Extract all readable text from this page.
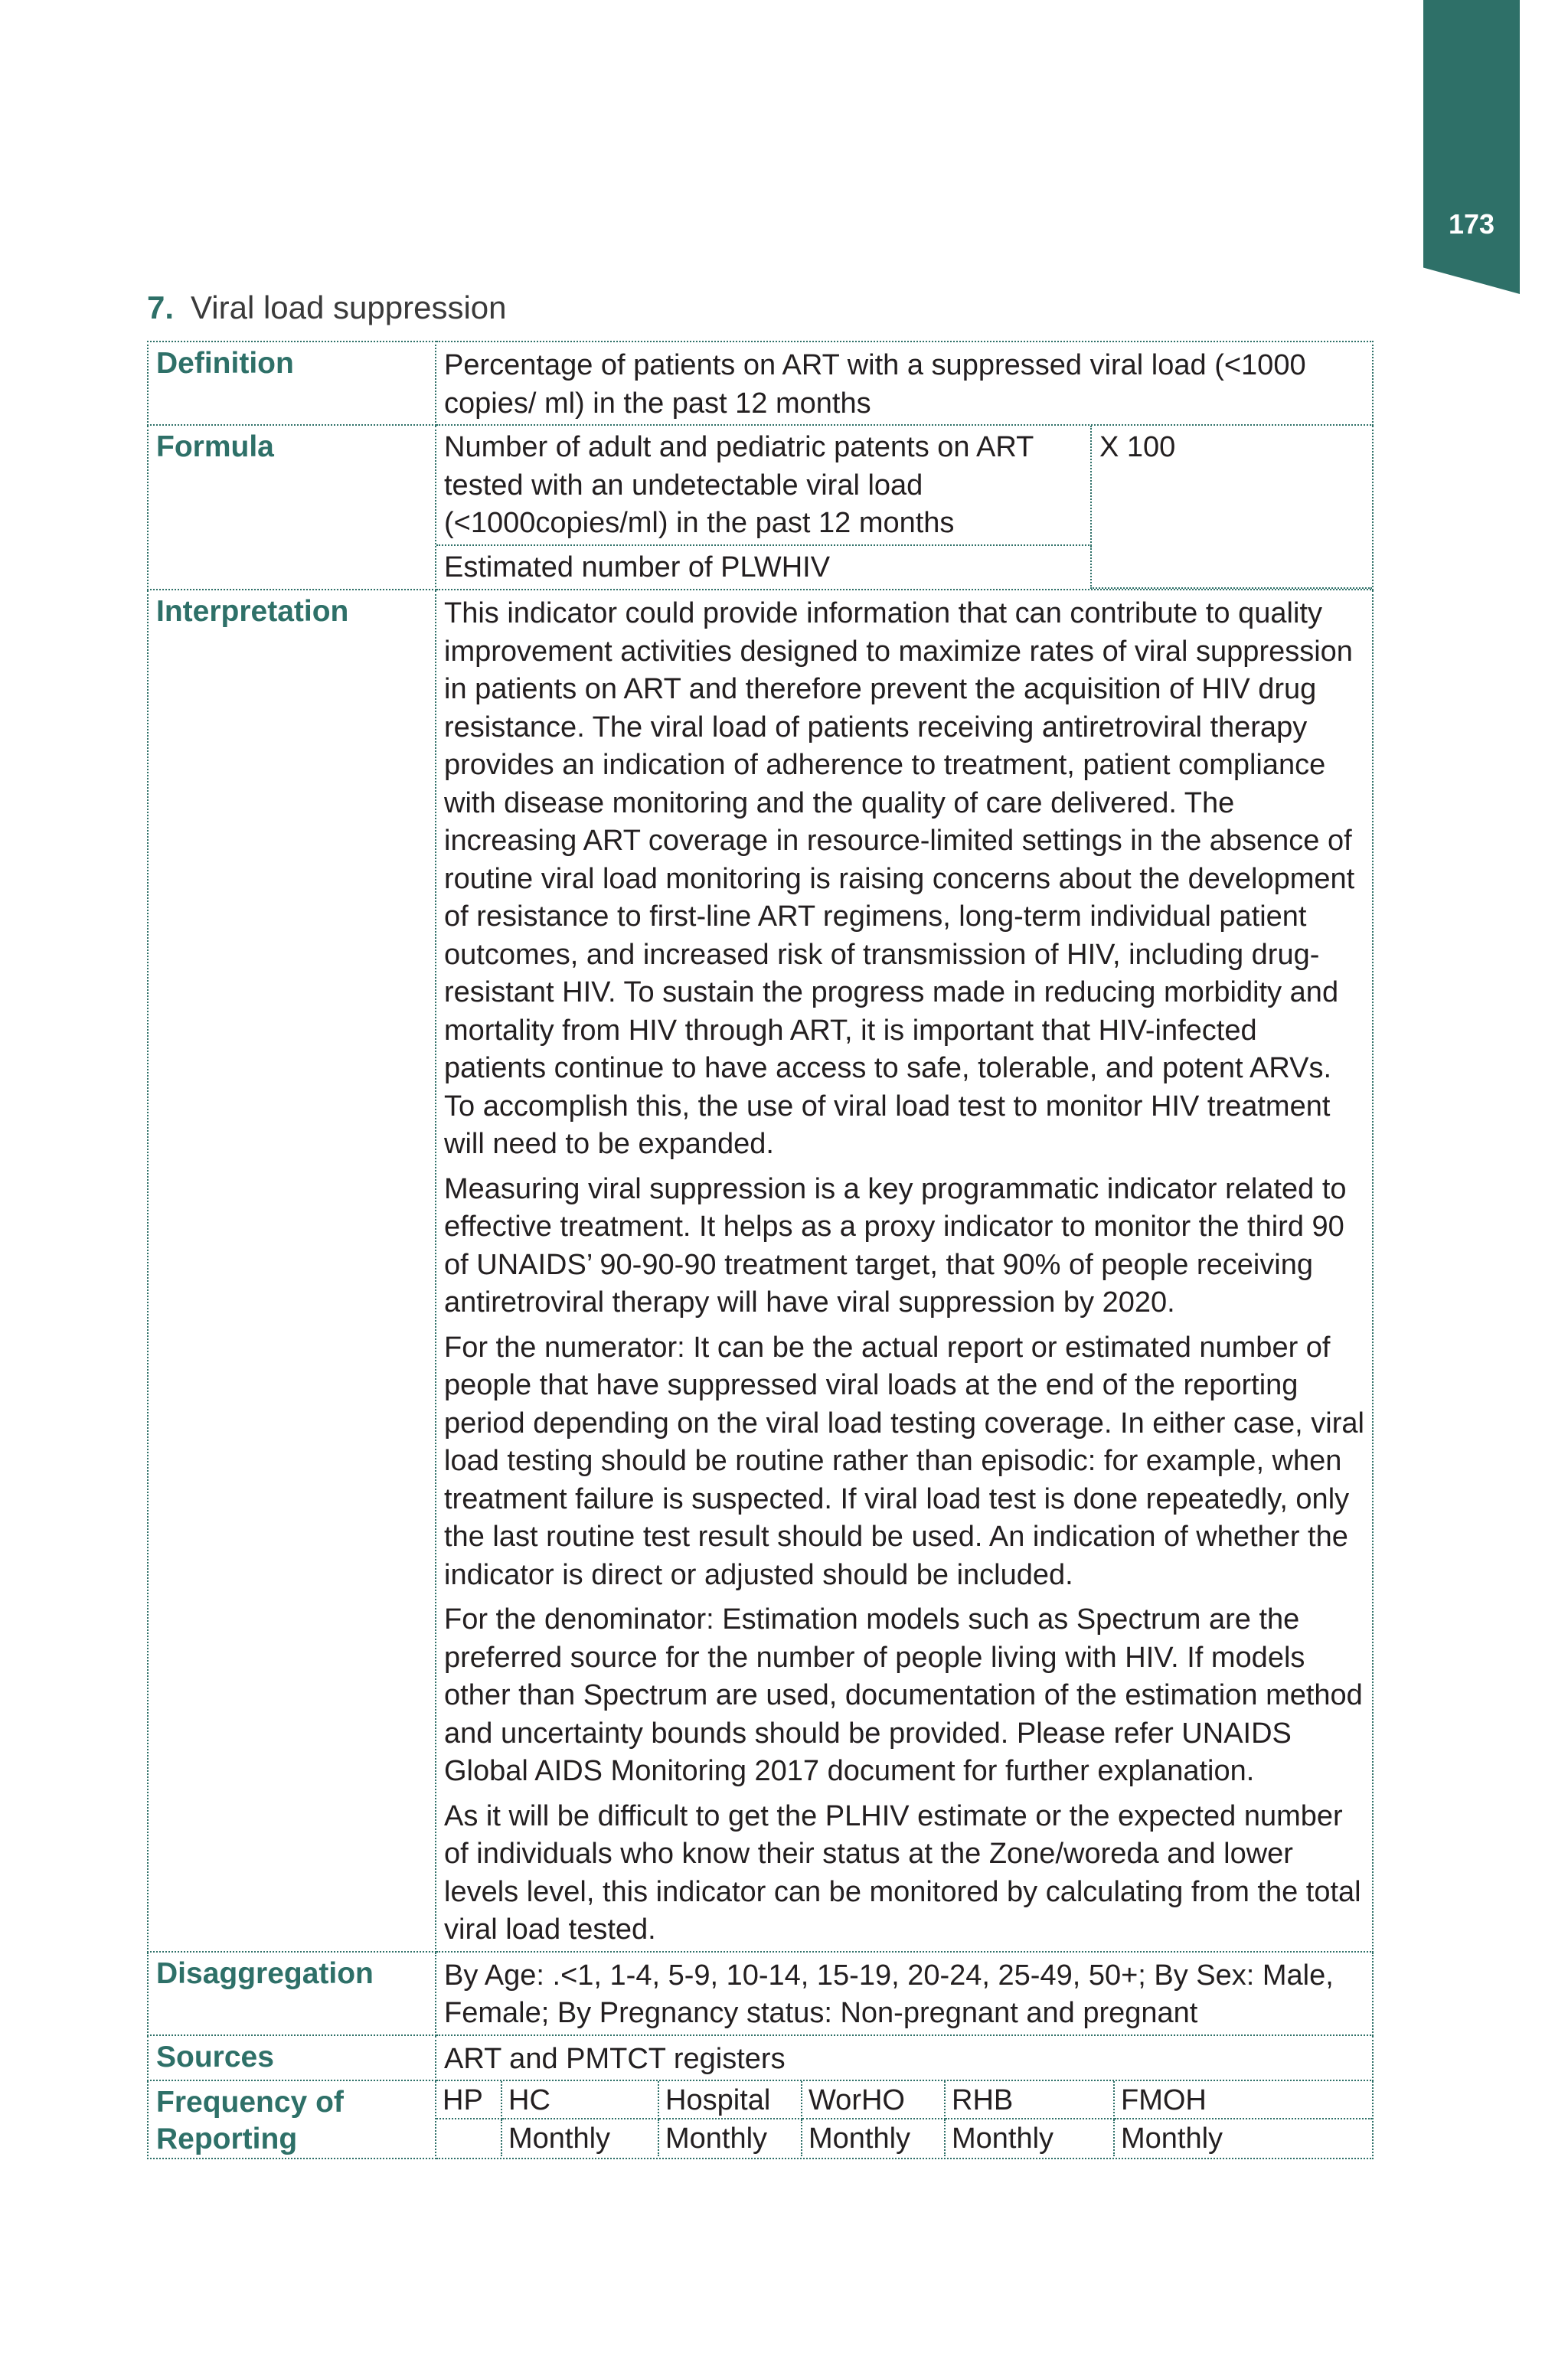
173
7. Viral load suppression
Definition	Percentage of patients on ART with a suppressed viral load (<1000 copies/ ml) in the past 12 months

Formula		Number of adult and pediatric patents on ART tested with an undetectable viral load (<1000copies/ml) in the past 12 months	X 100
Estimated number of PLWHIV

Interpretation	This indicator could provide information that can contribute to quality improvement activities designed to maximize rates of viral suppression in patients on ART and therefore prevent the acquisition of HIV drug resistance. The viral load of patients receiving antiretroviral therapy provides an indication of adherence to treatment, patient compliance with disease monitoring and the quality of care delivered. The increasing ART coverage in resource-limited settings in the absence of routine viral load monitoring is raising concerns about the development of resistance to first-line ART regimens, long-term individual patient outcomes, and increased risk of transmission of HIV, including drug-resistant HIV. To sustain the progress made in reducing morbidity and mortality from HIV through ART, it is important that HIV-infected patients continue to have access to safe, tolerable, and potent ARVs. To accomplish this, the use of viral load test to monitor HIV treatment will need to be expanded.

Measuring viral suppression is a key programmatic indicator related to effective treatment. It helps as a proxy indicator to monitor the third 90 of UNAIDS’ 90-90-90 treatment target, that 90% of people receiving antiretroviral therapy will have viral suppression by 2020.

For the numerator: It can be the actual report or estimated number of people that have suppressed viral loads at the end of the reporting period depending on the viral load testing coverage. In either case, viral load testing should be routine rather than episodic: for example, when treatment failure is suspected. If viral load test is done repeatedly, only the last routine test result should be used. An indication of whether the indicator is direct or adjusted should be included.

For the denominator: Estimation models such as Spectrum are the preferred source for the number of people living with HIV. If models other than Spectrum are used, documentation of the estimation method and uncertainty bounds should be provided. Please refer UNAIDS Global AIDS Monitoring 2017 document for further explanation.

As it will be difficult to get the PLHIV estimate or the expected number of individuals who know their status at the Zone/woreda and lower levels level, this indicator can be monitored by calculating from the total viral load tested.

Disaggregation	By Age: .<1, 1-4, 5-9, 10-14, 15-19, 20-24, 25-49, 50+; By Sex: Male, Female; By Pregnancy status: Non-pregnant and pregnant

Sources	ART and PMTCT registers

Frequency of Reporting	
HP	HC	Hospital	WorHO	RHB	FMOH
	Monthly	Monthly	Monthly	Monthly	Monthly
